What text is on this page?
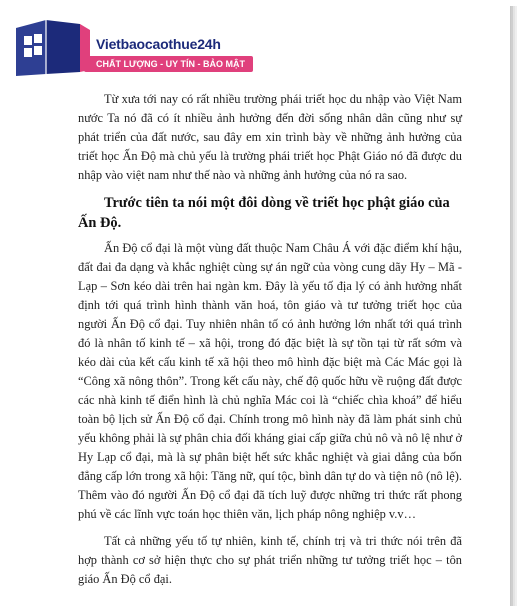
Vietbaocaothue24h

CHẤT LƯỢNG - UY TÍN - BẢO MẬT

Từ xưa tới nay có rất nhiều trường phái triết học du nhập vào Việt Nam nước Ta nó đã có ít nhiều ảnh hưởng đến đời sống nhân dân cũng như sự phát triển của đất nước, sau đây em xin trình bày về những ảnh hưởng của triết học Ấn Độ mà chủ yếu là trường phái triết học Phật Giáo nó đã được du nhập vào việt nam như thế nào và những ảnh hưởng của nó ra sao.

Trước tiên ta nói một đôi dòng về triết học phật giáo của Ấn Độ.

Ấn Độ cổ đại là một vùng đất thuộc Nam Châu Á với đặc điểm khí hậu, đất đai đa dạng và khắc nghiệt cùng sự án ngữ của vòng cung dãy Hy – Mã - Lạp – Sơn kéo dài trên hai ngàn km. Đây là yếu tố địa lý có ảnh hưởng nhất định tới quá trình hình thành văn hoá, tôn giáo và tư tưởng triết học của người Ấn Độ cổ đại. Tuy nhiên nhân tố có ảnh hưởng lớn nhất tới quá trình đó là nhân tố kinh tế – xã hội, trong đó đặc biệt là sự tồn tại từ rất sớm và kéo dài của kết cấu kinh tế xã hội theo mô hình đặc biệt mà Các Mác gọi là “Công xã nông thôn”. Trong kết cấu này, chế độ quốc hữu về ruộng đất được các nhà kinh tế điển hình là chủ nghĩa Mác coi là “chiếc chìa khoá” để hiểu toàn bộ lịch sử Ấn Độ cổ đại. Chính trong mô hình này đã làm phát sinh chủ yếu không phải là sự phân chia đối kháng giai cấp giữa chủ nô và nô lệ như ở Hy Lạp cổ đại, mà là sự phân biệt hết sức khắc nghiệt và giai dẳng của bốn đẳng cấp lớn trong xã hội: Tăng nữ, quí tộc, bình dân tự do và tiện nô (nô lệ). Thêm vào đó người Ấn Độ cổ đại đã tích luỹ được những tri thức rất phong phú về các lĩnh vực toán học thiên văn, lịch pháp nông nghiệp v.v…

Tất cả những yếu tố tự nhiên, kinh tế, chính trị và tri thức nói trên đã hợp thành cơ sở hiện thực cho sự phát triển những tư tưởng triết học – tôn giáo Ấn Độ cổ đại.
